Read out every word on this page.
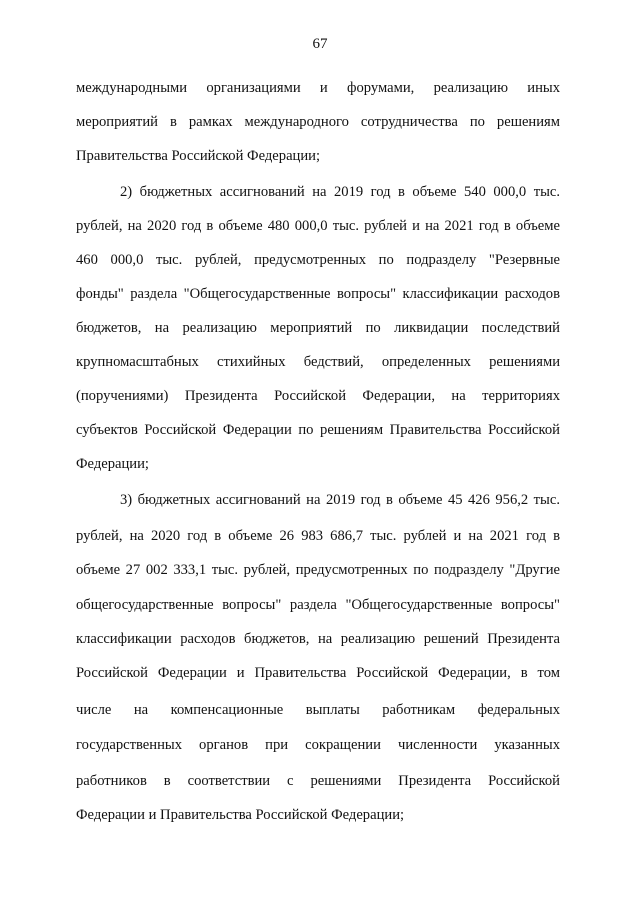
67
международными организациями и форумами, реализацию иных
мероприятий в рамках международного сотрудничества по решениям
Правительства Российской Федерации;
2) бюджетных ассигнований на 2019 год в объеме 540 000,0 тыс.
рублей, на 2020 год в объеме 480 000,0 тыс. рублей и на 2021 год в объеме
460 000,0 тыс. рублей, предусмотренных по подразделу "Резервные
фонды" раздела "Общегосударственные вопросы" классификации расходов
бюджетов, на реализацию мероприятий по ликвидации последствий
крупномасштабных стихийных бедствий, определенных решениями
(поручениями) Президента Российской Федерации, на территориях
субъектов Российской Федерации по решениям Правительства Российской
Федерации;
3) бюджетных ассигнований на 2019 год в объеме 45 426 956,2 тыс.
рублей, на 2020 год в объеме 26 983 686,7 тыс. рублей и на 2021 год в
объеме 27 002 333,1 тыс. рублей, предусмотренных по подразделу "Другие
общегосударственные вопросы" раздела "Общегосударственные вопросы"
классификации расходов бюджетов, на реализацию решений Президента
Российской Федерации и Правительства Российской Федерации, в том
числе на компенсационные выплаты работникам федеральных
государственных органов при сокращении численности указанных
работников в соответствии с решениями Президента Российской
Федерации и Правительства Российской Федерации;
